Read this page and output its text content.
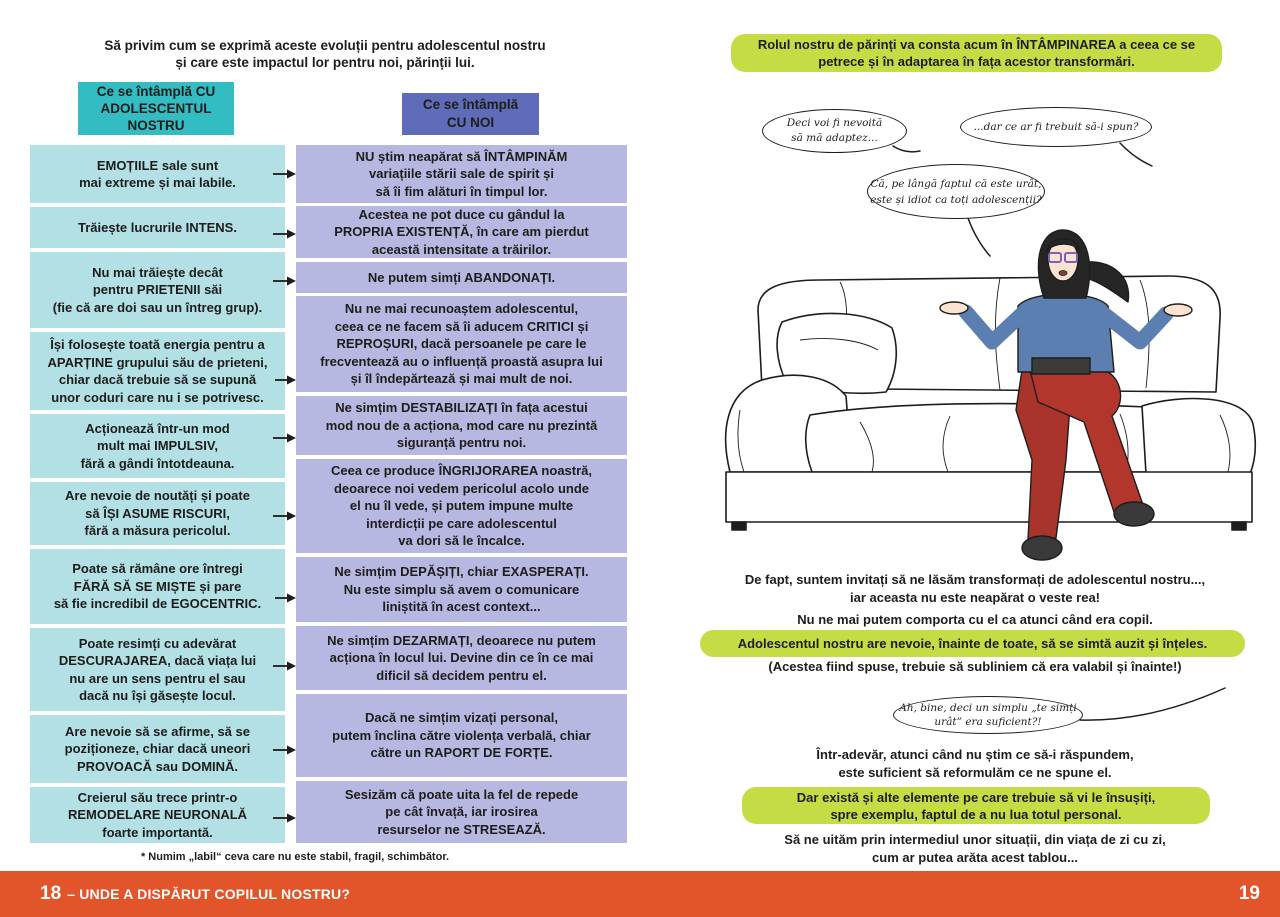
Să privim cum se exprimă aceste evoluții pentru adolescentul nostru
și care este impactul lor pentru noi, părinții lui.
Ce se întâmplă CU
ADOLESCENTUL
NOSTRU
Ce se întâmplă
CU NOI
EMOȚIILE sale sunt
mai extreme și mai labile.
Trăiește lucrurile INTENS.
Nu mai trăiește decât
pentru PRIETENII săi
(fie că are doi sau un întreg grup).
Își folosește toată energia pentru a
APARȚINE grupului său de prieteni,
chiar dacă trebuie să se supună
unor coduri care nu i se potrivesc.
Acționează într-un mod
mult mai IMPULSIV,
fără a gândi întotdeauna.
Are nevoie de noutăți și poate
să ÎȘI ASUME RISCURI,
fără a măsura pericolul.
Poate să rămâne ore întregi
FĂRĂ SĂ SE MIȘTE și pare
să fie incredibil de EGOCENTRIC.
Poate resimți cu adevărat
DESCURAJAREA, dacă viața lui
nu are un sens pentru el sau
dacă nu își găsește locul.
Are nevoie să se afirme, să se
poziționeze, chiar dacă uneori
PROVOACĂ sau DOMINĂ.
Creierul său trece printr-o
REMODELARE NEURONALĂ
foarte importantă.
NU știm neapărat să ÎNTÂMPINĂM
variațiile stării sale de spirit și
să îi fim alături în timpul lor.
Acestea ne pot duce cu gândul la
PROPRIA EXISTENȚĂ, în care am pierdut
această intensitate a trăirilor.
Ne putem simți ABANDONAȚI.
Nu ne mai recunoaștem adolescentul,
ceea ce ne facem să îi aducem CRITICI și
REPROȘURI, dacă persoanele pe care le
frecventează au o influență proastă asupra lui
și îl îndepărtează și mai mult de noi.
Ne simțim DESTABILIZAȚI în fața acestui
mod nou de a acționa, mod care nu prezintă
siguranță pentru noi.
Ceea ce produce ÎNGRIJORAREA noastră,
deoarece noi vedem pericolul acolo unde
el nu îl vede, și putem impune multe
interdicții pe care adolescentul
va dori să le încalce.
Ne simțim DEPĂȘIȚI, chiar EXASPERAȚI.
Nu este simplu să avem o comunicare
liniștită în acest context...
Ne simțim DEZARMAȚI, deoarece nu putem
acționa în locul lui. Devine din ce în ce mai
dificil să decidem pentru el.
Dacă ne simțim vizați personal,
putem înclina către violența verbală, chiar
către un RAPORT DE FORȚE.
Sesizăm că poate uita la fel de repede
pe cât învață, iar irosirea
resurselor ne STRESEAZĂ.
* Numim „labil“ ceva care nu este stabil, fragil, schimbător.
Rolul nostru de părinți va consta acum în ÎNTÂMPINAREA a ceea ce se
petrece și în adaptarea în fața acestor transformări.
Deci voi fi nevoită
să mă adaptez...
...dar ce ar fi trebuit să-i spun?
Că, pe lângă faptul că este urât,
este și idiot ca toți adolescenții?
De fapt, suntem invitați să ne lăsăm transformați de adolescentul nostru...,
iar aceasta nu este neapărat o veste rea!
Nu ne mai putem comporta cu el ca atunci când era copil.
Adolescentul nostru are nevoie, înainte de toate, să se simtă auzit și înțeles.
(Acestea fiind spuse, trebuie să subliniem că era valabil și înainte!)
Ah, bine, deci un simplu „te simți
urât” era suficient?!
Într-adevăr, atunci când nu știm ce să-i răspundem,
este suficient să reformulăm ce ne spune el.
Dar există și alte elemente pe care trebuie să vi le însușiți,
spre exemplu, faptul de a nu lua totul personal.
Să ne uităm prin intermediul unor situații, din viața de zi cu zi,
cum ar putea arăta acest tablou...
18 – UNDE A DISPĂRUT COPILUL NOSTRU?	19
